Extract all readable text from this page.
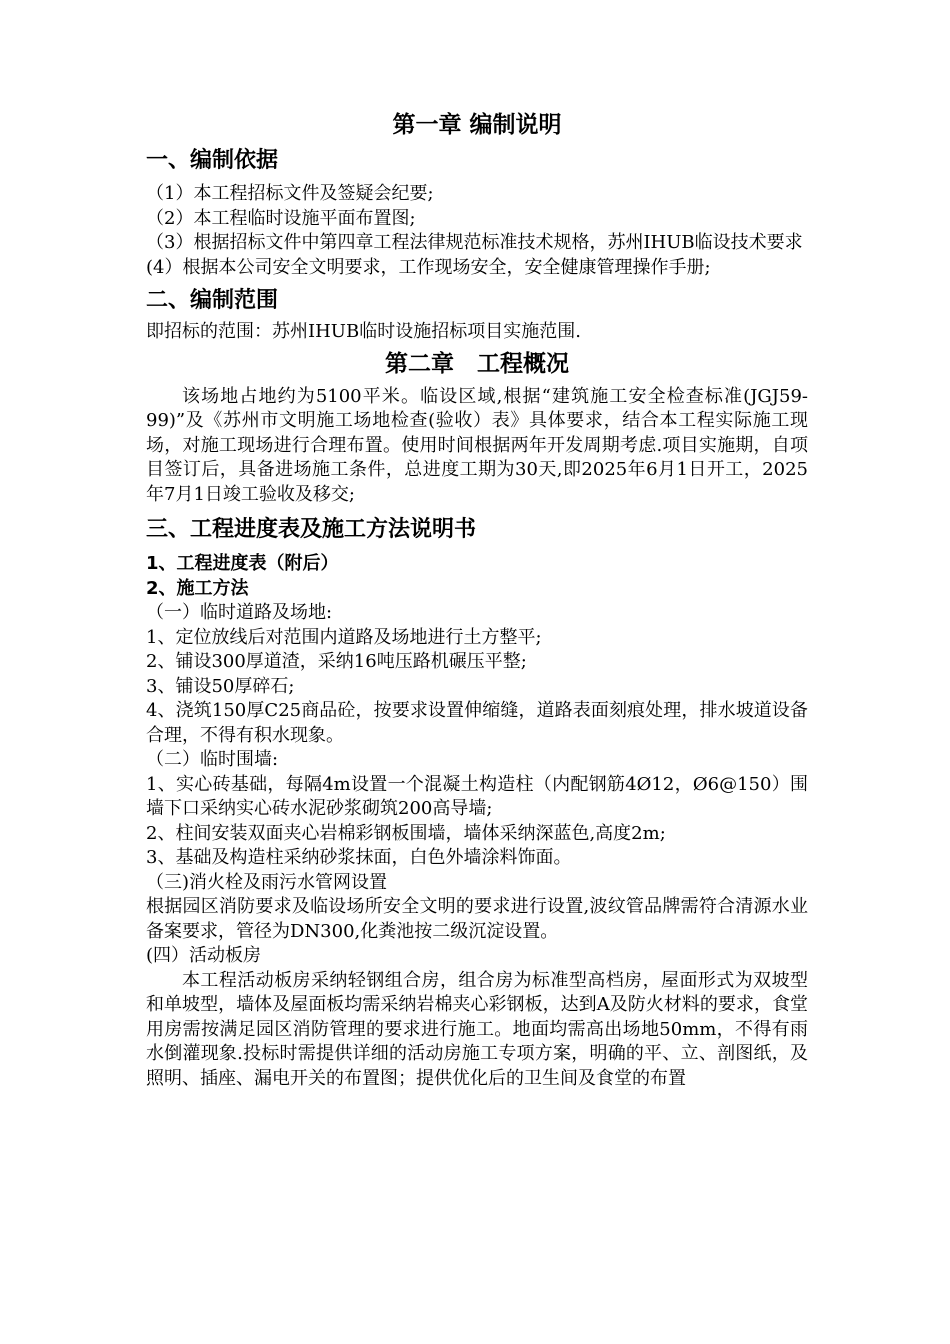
第一章 编制说明
一、编制依据
（1）本工程招标文件及签疑会纪要;
（2）本工程临时设施平面布置图;
（3）根据招标文件中第四章工程法律规范标准技术规格，苏州IHUB临设技术要求
(4）根据本公司安全文明要求，工作现场安全，安全健康管理操作手册;
二、编制范围
即招标的范围：苏州IHUB临时设施招标项目实施范围.
第二章　工程概况
该场地占地约为5100平米。临设区域,根据“建筑施工安全检查标准(JGJ59-99)”及《苏州市文明施工场地检查(验收）表》具体要求，结合本工程实际施工现场，对施工现场进行合理布置。使用时间根据两年开发周期考虑.项目实施期，自项目签订后，具备进场施工条件，总进度工期为30天,即2025年6月1日开工，2025年7月1日竣工验收及移交;
三、工程进度表及施工方法说明书
1、工程进度表（附后）
2、施工方法
（一）临时道路及场地:
1、定位放线后对范围内道路及场地进行土方整平;
2、铺设300厚道渣，采纳16吨压路机碾压平整;
3、铺设50厚碎石;
4、浇筑150厚C25商品砼，按要求设置伸缩缝，道路表面刻痕处理，排水坡道设备合理，不得有积水现象。
（二）临时围墙:
1、实心砖基础，每隔4m设置一个混凝土构造柱（内配钢筋4Ø12，Ø6@150）围墙下口采纳实心砖水泥砂浆砌筑200高导墙;
2、柱间安装双面夹心岩棉彩钢板围墙，墙体采纳深蓝色,高度2m;
3、基础及构造柱采纳砂浆抹面，白色外墙涂料饰面。
（三)消火栓及雨污水管网设置
根据园区消防要求及临设场所安全文明的要求进行设置,波纹管品牌需符合清源水业备案要求，管径为DN300,化粪池按二级沉淀设置。
(四）活动板房
本工程活动板房采纳轻钢组合房，组合房为标准型高档房，屋面形式为双坡型和单坡型，墙体及屋面板均需采纳岩棉夹心彩钢板，达到A及防火材料的要求，食堂用房需按满足园区消防管理的要求进行施工。地面均需高出场地50mm，不得有雨水倒灌现象.投标时需提供详细的活动房施工专项方案，明确的平、立、剖图纸，及照明、插座、漏电开关的布置图；提供优化后的卫生间及食堂的布置
